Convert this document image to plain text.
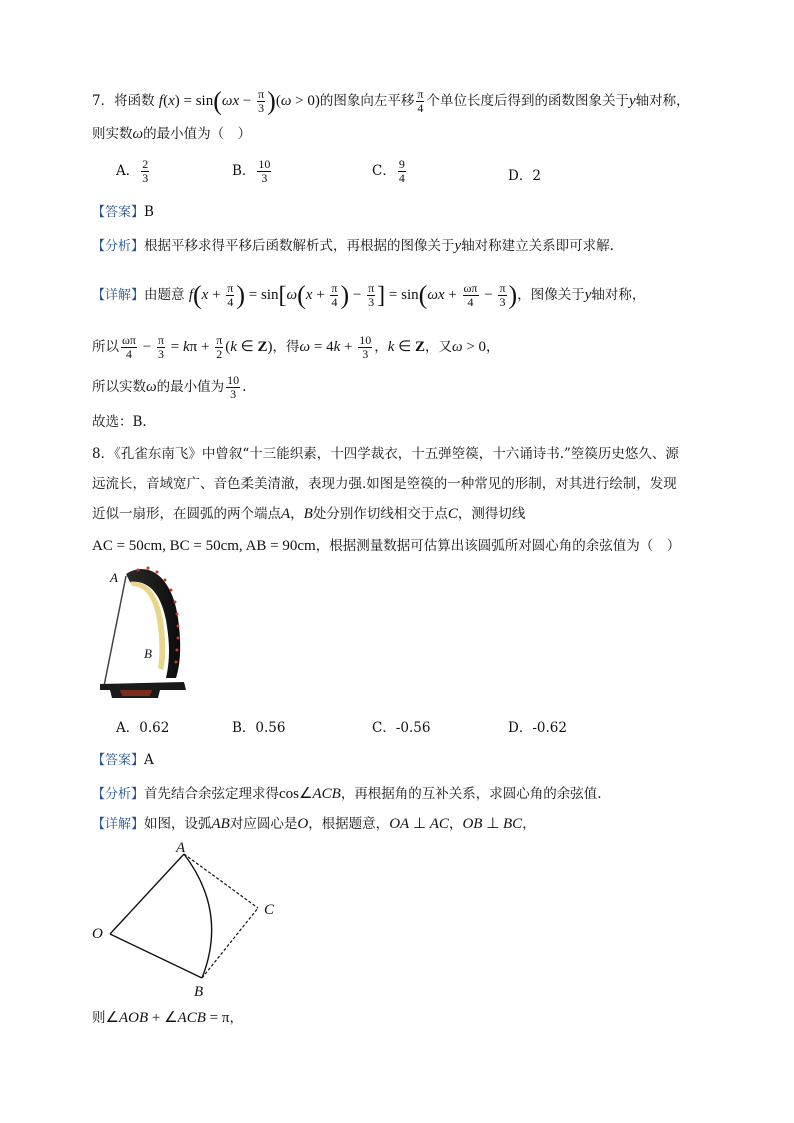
7．将函数 $f(x) = \sin(\omega x - \frac{\pi}{3} )(\omega > 0)$的图象向左平移 $\frac{\pi}{4}$ 个单位长度后得到的函数图象关于y轴对称，
则实数ω的最小值为（　）
A． $\frac{2}{3}$	B． $\frac{10}{3}$	C． $\frac{9}{4}$	D．2
【答案】B
【分析】根据平移求得平移后函数解析式，再根据的图像关于y轴对称建立关系即可求解.
【详解】由题意 $f(x + \frac{\pi}{4}$ ) = $\sin[\omega(x + \frac{\pi}{4}$ ) − $\frac{\pi}{3}$ ] = $\sin(\omega x + \frac{\omega\pi}{4} - \frac{\pi}{3}$ )，图像关于y轴对称，
所以 $\frac{\omega\pi}{4} - \frac{\pi}{3} = k\pi + \frac{\pi}{2} (k$ ∈ Z)，得$\omega = 4k + \frac{10}{3}$ ，k ∈ Z，又ω > 0，
所以实数ω的最小值为 $\frac{10}{3}$ .
故选：B.
8．《孔雀东南飞》中曾叙“十三能织素，十四学裁衣，十五弹箜篌，十六诵诗书.”箜篌历史悠久、源
远流长，音域宽广、音色柔美清澈，表现力强.如图是箜篌的一种常见的形制，对其进行绘制，发现
近似一扇形，在圆弧的两个端点A，B处分别作切线相交于点C，测得切线
AC = 50cm, BC = 50cm, AB = 90cm，根据测量数据可估算出该圆弧所对圆心角的余弦值为（　）
A
B
A．0.62	B．0.56	C．-0.56	D．-0.62
【答案】A
【分析】首先结合余弦定理求得cos∠ACB，再根据角的互补关系，求圆心角的余弦值.
【详解】如图，设弧AB对应圆心是O，根据题意，OA ⊥ AC，OB ⊥ BC，
A
B
C
O
则∠AOB + ∠ACB = π，
